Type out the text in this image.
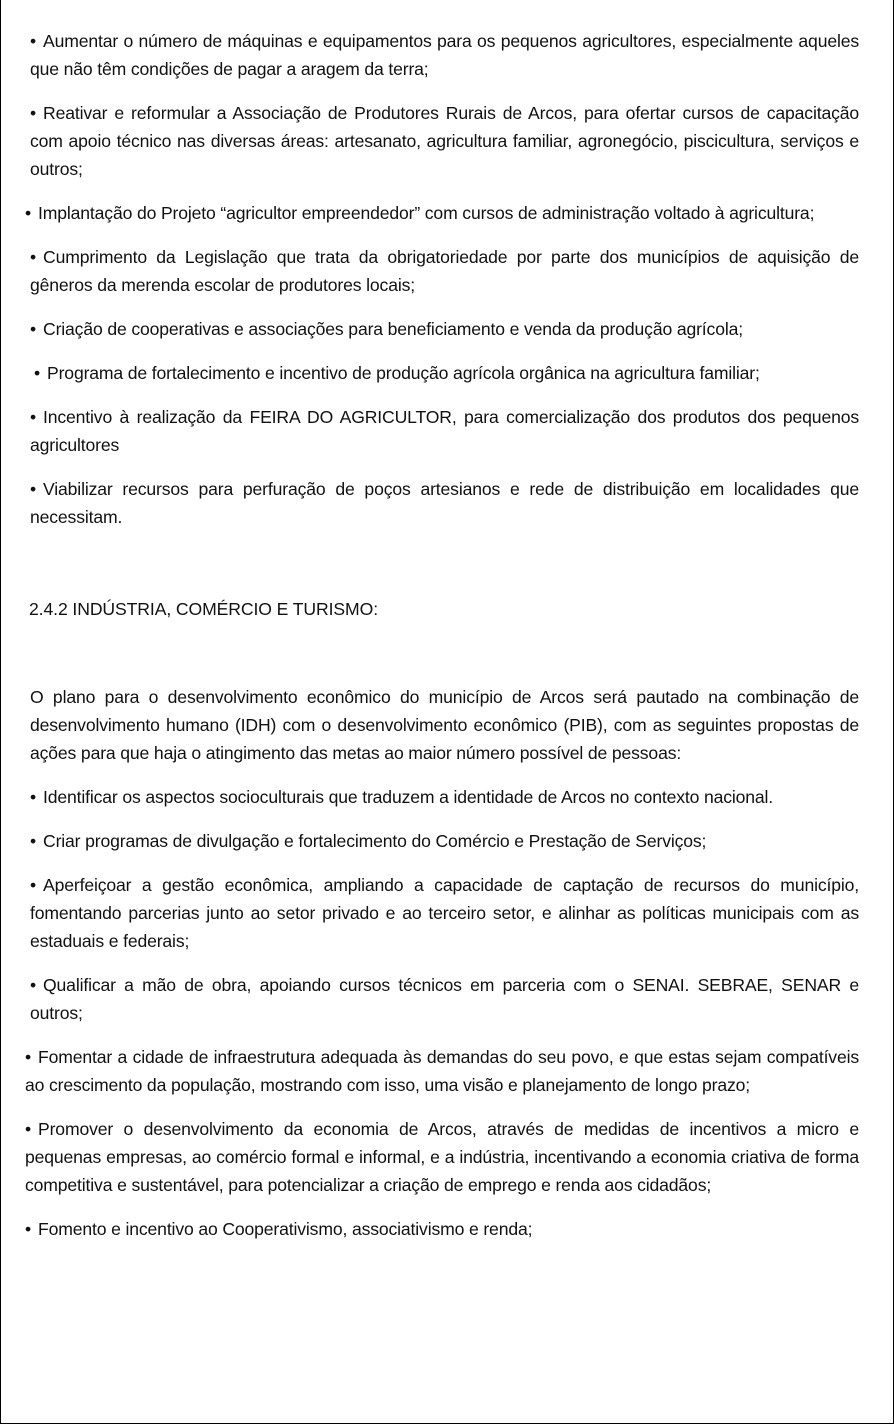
• Aumentar o número de máquinas e equipamentos para os pequenos agricultores, especialmente aqueles que não têm condições de pagar a aragem da terra;

• Reativar e reformular a Associação de Produtores Rurais de Arcos, para ofertar cursos de capacitação com apoio técnico nas diversas áreas: artesanato, agricultura familiar, agronegócio, piscicultura, serviços e outros;

• Implantação do Projeto “agricultor empreendedor” com cursos de administração voltado à agricultura;

• Cumprimento da Legislação que trata da obrigatoriedade por parte dos municípios de aquisição de gêneros da merenda escolar de produtores locais;

• Criação de cooperativas e associações para beneficiamento e venda da produção agrícola;

• Programa de fortalecimento e incentivo de produção agrícola orgânica na agricultura familiar;

• Incentivo à realização da FEIRA DO AGRICULTOR, para comercialização dos produtos dos pequenos agricultores

• Viabilizar recursos para perfuração de poços artesianos e rede de distribuição em localidades que necessitam.

2.4.2 INDÚSTRIA, COMÉRCIO E TURISMO:

O plano para o desenvolvimento econômico do município de Arcos será pautado na combinação de desenvolvimento humano (IDH) com o desenvolvimento econômico (PIB), com as seguintes propostas de ações para que haja o atingimento das metas ao maior número possível de pessoas:

• Identificar os aspectos socioculturais que traduzem a identidade de Arcos no contexto nacional.

• Criar programas de divulgação e fortalecimento do Comércio e Prestação de Serviços;

• Aperfeiçoar a gestão econômica, ampliando a capacidade de captação de recursos do município, fomentando parcerias junto ao setor privado e ao terceiro setor, e alinhar as políticas municipais com as estaduais e federais;

• Qualificar a mão de obra, apoiando cursos técnicos em parceria com o SENAI. SEBRAE, SENAR e outros;

• Fomentar a cidade de infraestrutura adequada às demandas do seu povo, e que estas sejam compatíveis ao crescimento da população, mostrando com isso, uma visão e planejamento de longo prazo;

• Promover o desenvolvimento da economia de Arcos, através de medidas de incentivos a micro e pequenas empresas, ao comércio formal e informal, e a indústria, incentivando a economia criativa de forma competitiva e sustentável, para potencializar a criação de emprego e renda aos cidadãos;

• Fomento e incentivo ao Cooperativismo, associativismo e renda;
